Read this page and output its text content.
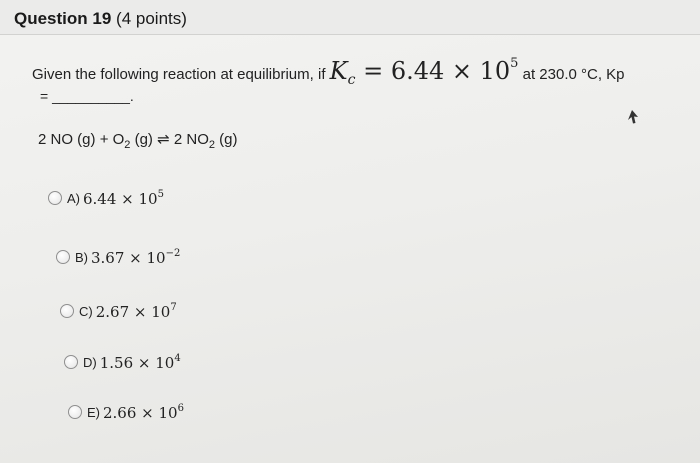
Question 19 (4 points)
Given the following reaction at equilibrium, if $K_c = 6.44 \times 10^5$ at 230.0 °C, Kp
= __________.
2 NO $(g) + O_2$ (g) ⇌ 2 $NO_2$ (g)
A) $6.44 \times 10^5$
B) $3.67 \times 10^{-2}$
C) $2.67 \times 10^7$
D) $1.56 \times 10^4$
E) $2.66 \times 10^6$
